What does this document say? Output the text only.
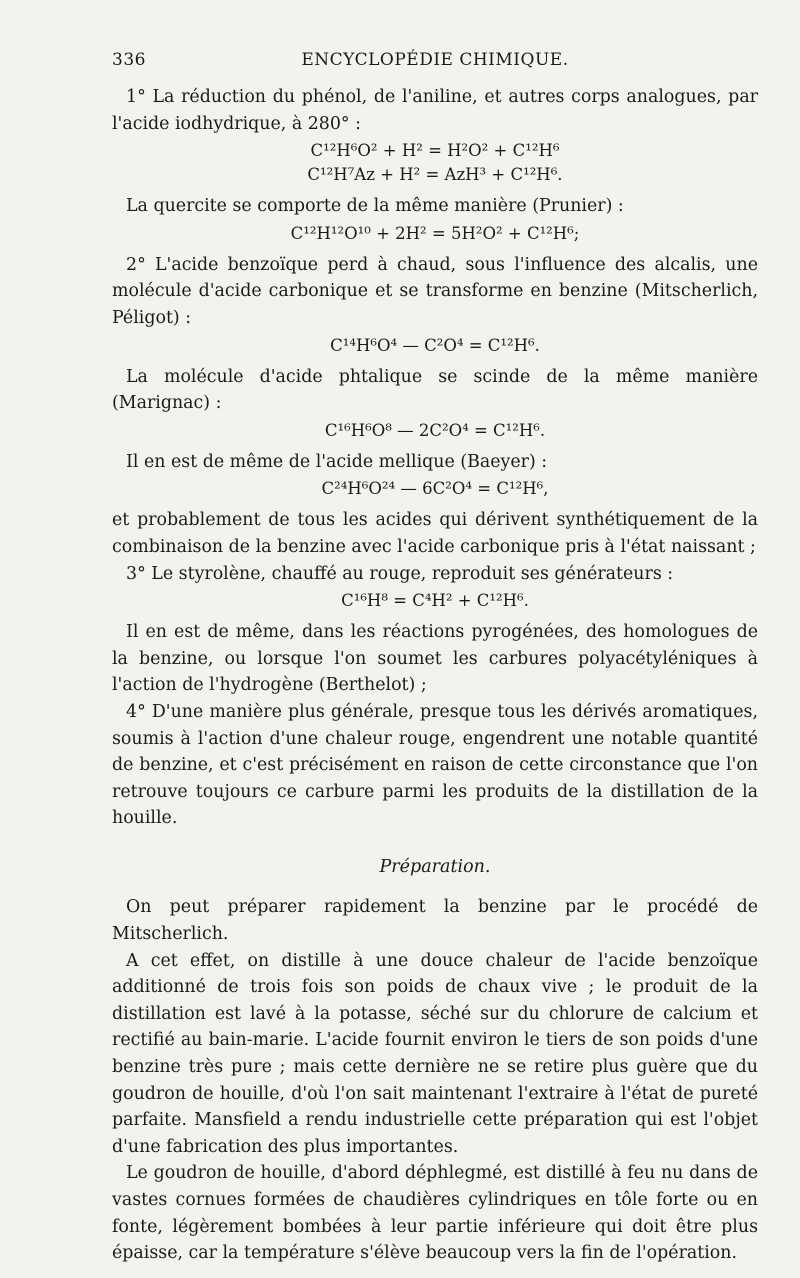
336	ENCYCLOPÉDIE CHIMIQUE.

1° La réduction du phénol, de l'aniline, et autres corps analogues, par l'acide iodhydrique, à 280° :

C¹²H⁶O² + H² = H²O² + C¹²H⁶
C¹²H⁷Az + H² = AzH³ + C¹²H⁶.

La quercite se comporte de la même manière (Prunier) :

C¹²H¹²O¹⁰ + 2H² = 5H²O² + C¹²H⁶;

2° L'acide benzoïque perd à chaud, sous l'influence des alcalis, une molécule d'acide carbonique et se transforme en benzine (Mitscherlich, Péligot) :

C¹⁴H⁶O⁴ — C²O⁴ = C¹²H⁶.

La molécule d'acide phtalique se scinde de la même manière (Marignac) :

C¹⁶H⁶O⁸ — 2C²O⁴ = C¹²H⁶.

Il en est de même de l'acide mellique (Baeyer) :

C²⁴H⁶O²⁴ — 6C²O⁴ = C¹²H⁶,

et probablement de tous les acides qui dérivent synthétiquement de la combinaison de la benzine avec l'acide carbonique pris à l'état naissant ;

3° Le styrolène, chauffé au rouge, reproduit ses générateurs :

C¹⁶H⁸ = C⁴H² + C¹²H⁶.

Il en est de même, dans les réactions pyrogénées, des homologues de la benzine, ou lorsque l'on soumet les carbures polyacétyléniques à l'action de l'hydrogène (Berthelot) ;

4° D'une manière plus générale, presque tous les dérivés aromatiques, soumis à l'action d'une chaleur rouge, engendrent une notable quantité de benzine, et c'est précisément en raison de cette circonstance que l'on retrouve toujours ce carbure parmi les produits de la distillation de la houille.

Préparation.

On peut préparer rapidement la benzine par le procédé de Mitscherlich.

A cet effet, on distille à une douce chaleur de l'acide benzoïque additionné de trois fois son poids de chaux vive ; le produit de la distillation est lavé à la potasse, séché sur du chlorure de calcium et rectifié au bain-marie. L'acide fournit environ le tiers de son poids d'une benzine très pure ; mais cette dernière ne se retire plus guère que du goudron de houille, d'où l'on sait maintenant l'extraire à l'état de pureté parfaite. Mansfield a rendu industrielle cette préparation qui est l'objet d'une fabrication des plus importantes.

Le goudron de houille, d'abord déphlegmé, est distillé à feu nu dans de vastes cornues formées de chaudières cylindriques en tôle forte ou en fonte, légèrement bombées à leur partie inférieure qui doit être plus épaisse, car la température s'élève beaucoup vers la fin de l'opération.
